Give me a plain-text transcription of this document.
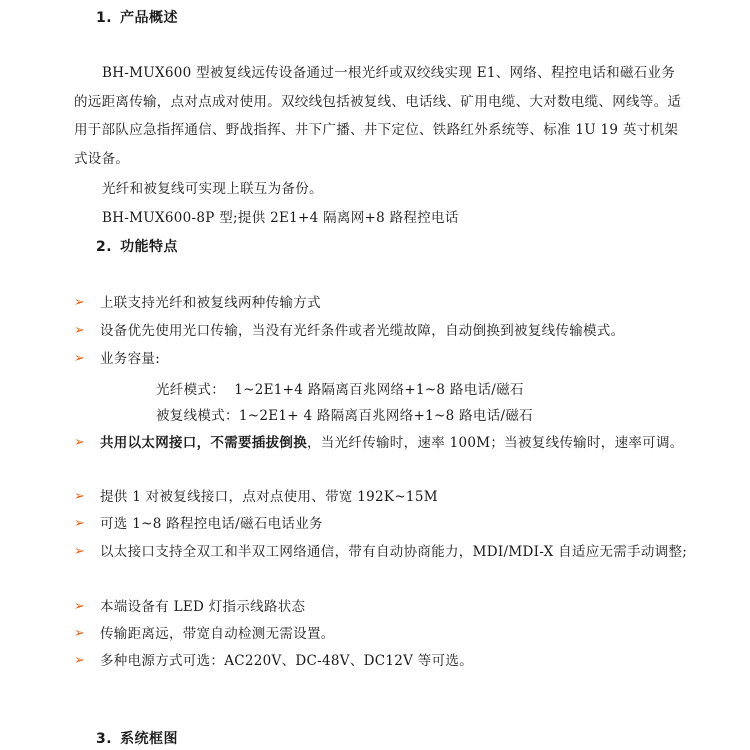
1. 产品概述
BH-MUX600 型被复线远传设备通过一根光纤或双绞线实现 E1、网络、程控电话和磁石业务的远距离传输，点对点成对使用。双绞线包括被复线、电话线、矿用电缆、大对数电缆、网线等。适用于部队应急指挥通信、野战指挥、井下广播、井下定位、铁路红外系统等、标准 1U 19 英寸机架式设备。
光纤和被复线可实现上联互为备份。
BH-MUX600-8P 型;提供 2E1+4 隔离网+8 路程控电话
2. 功能特点
➢ 上联支持光纤和被复线两种传输方式
➢ 设备优先使用光口传输，当没有光纤条件或者光缆故障，自动倒换到被复线传输模式。
➢ 业务容量:
光纤模式： 1~2E1+4 路隔离百兆网络+1~8 路电话/磁石
被复线模式：1~2E1+ 4 路隔离百兆网络+1~8 路电话/磁石
➢ 共用以太网接口，不需要插拔倒换，当光纤传输时，速率 100M；当被复线传输时，速率可调。
➢ 提供 1 对被复线接口，点对点使用、带宽 192K~15M
➢ 可选 1~8 路程控电话/磁石电话业务
➢ 以太接口支持全双工和半双工网络通信，带有自动协商能力，MDI/MDI-X 自适应无需手动调整;
➢ 本端设备有 LED 灯指示线路状态
➢ 传输距离远，带宽自动检测无需设置。
➢ 多种电源方式可选：AC220V、DC-48V、DC12V 等可选。
3. 系统框图
